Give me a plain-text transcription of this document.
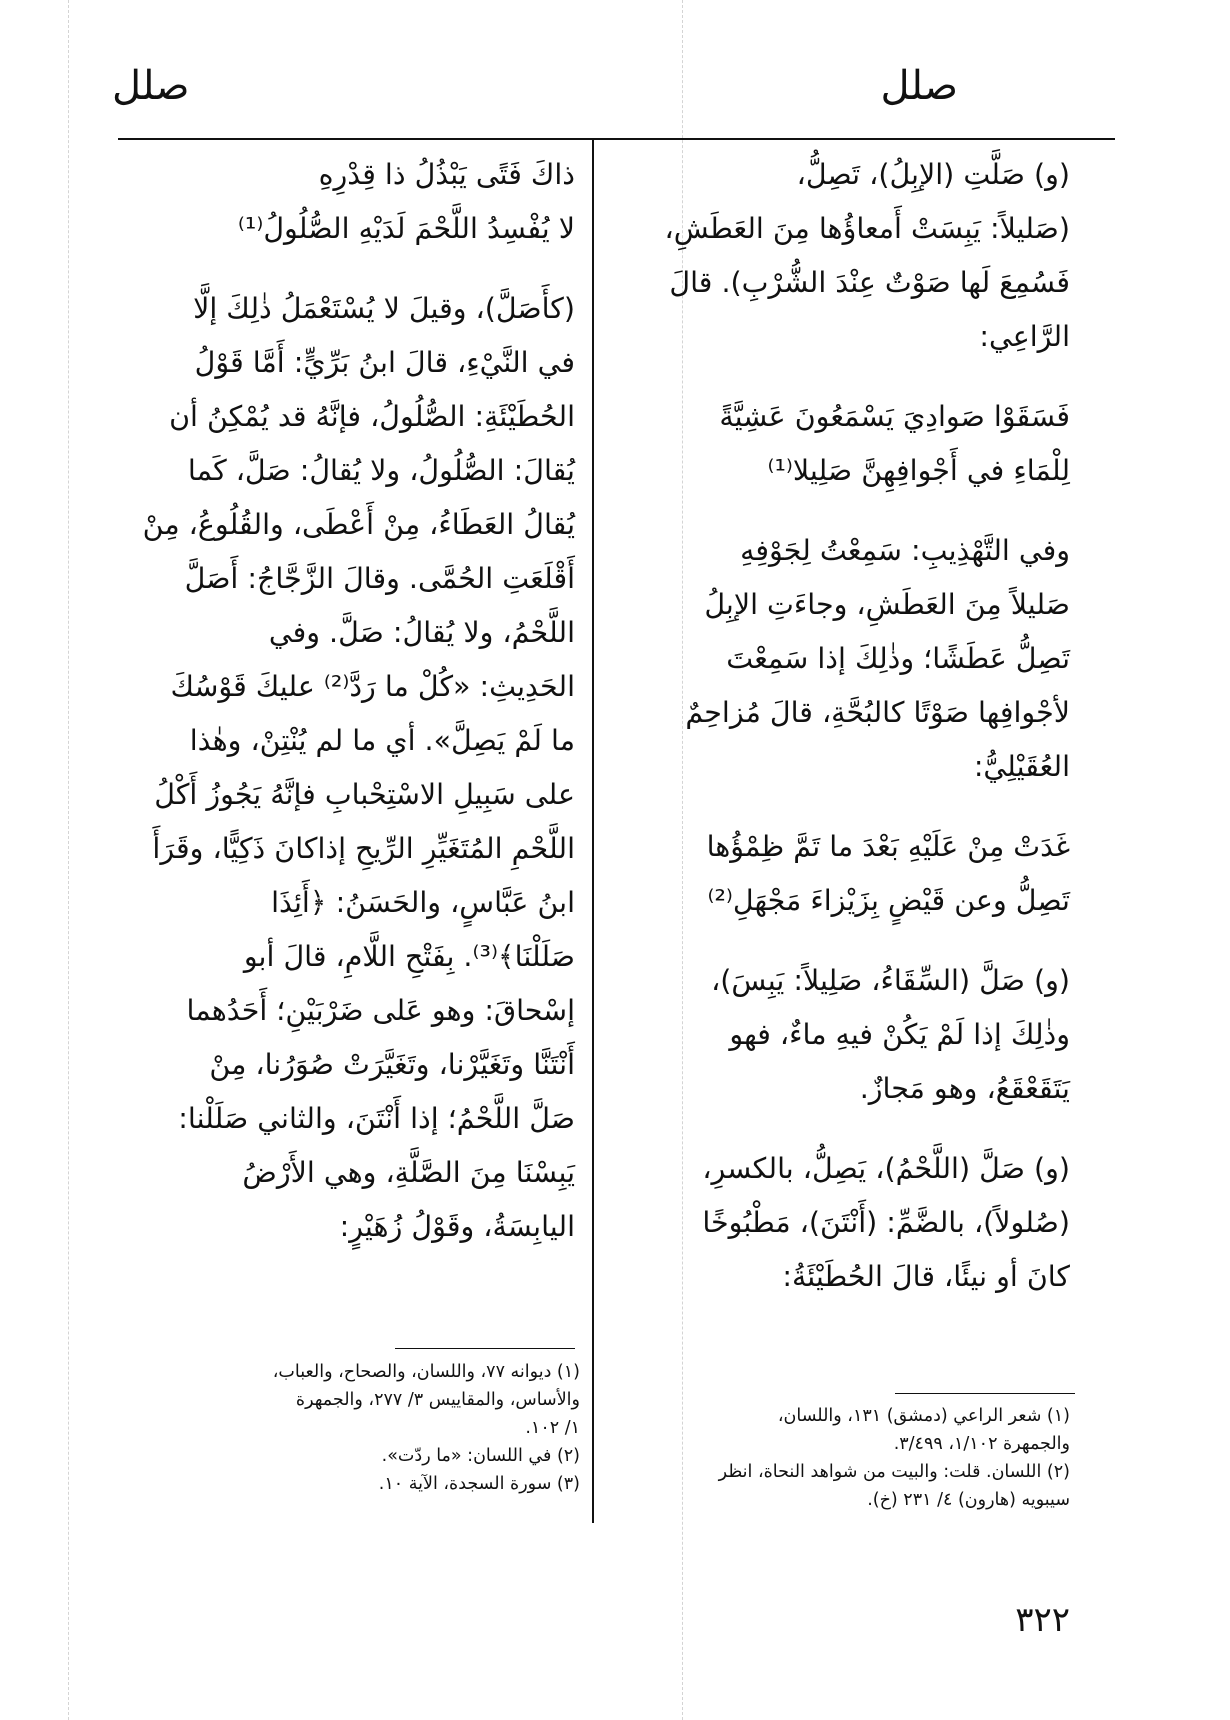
صلل	صلل

(و) صَلَّتِ (الإبِلُ)، تَصِلُّ،

(صَليلاً: يَبِسَتْ أَمعاؤُها مِنَ العَطَشِ،

فَسُمِعَ لَها صَوْتٌ عِنْدَ الشُّرْبِ). قالَ

الرَّاعِي:

فَسَقَوْا صَوادِيَ يَسْمَعُونَ عَشِيَّةً

لِلْمَاءِ في أَجْوافِهِنَّ صَلِيلا⁽¹⁾

وفي التَّهْذِيبِ: سَمِعْتُ لِجَوْفِهِ

صَليلاً مِنَ العَطَشِ، وجاءَتِ الإبِلُ

تَصِلُّ عَطَشًا؛ وذٰلِكَ إذا سَمِعْتَ

لأجْوافِها صَوْتًا كالبُحَّةِ، قالَ مُزاحِمٌ

العُقَيْلِيُّ:

غَدَتْ مِنْ عَلَيْهِ بَعْدَ ما تَمَّ ظِمْؤُها

تَصِلُّ وعن قَيْضٍ بِزَيْزاءَ مَجْهَلِ⁽²⁾

(و) صَلَّ (السِّقَاءُ، صَلِيلاً: يَبِسَ)،

وذٰلِكَ إذا لَمْ يَكُنْ فيهِ ماءٌ، فهو

يَتَقَعْقَعُ، وهو مَجازٌ.

(و) صَلَّ (اللَّحْمُ)، يَصِلُّ، بالكسرِ،

(صُلولاً)، بالضَّمِّ: (أَنْتَنَ)، مَطْبُوخًا

كانَ أو نيئًا، قالَ الحُطَيْئَةُ:

ذاكَ فَتًى يَبْذُلُ ذا قِدْرِهِ

لا يُفْسِدُ اللَّحْمَ لَدَيْهِ الصُّلُولُ⁽¹⁾

(كأَصَلَّ)، وقيلَ لا يُسْتَعْمَلُ ذٰلِكَ إلَّا

في النَّيْءِ، قالَ ابنُ بَرِّيٍّ: أَمَّا قَوْلُ

الحُطَيْئَةِ: الصُّلُولُ، فإنَّهُ قد يُمْكِنُ أن

يُقالَ: الصُّلُولُ، ولا يُقالُ: صَلَّ، كَما

يُقالُ العَطَاءُ، مِنْ أَعْطَى، والقُلُوعُ، مِنْ

أَقْلَعَتِ الحُمَّى. وقالَ الزَّجَّاجُ: أَصَلَّ

اللَّحْمُ، ولا يُقالُ: صَلَّ. وفي

الحَدِيثِ: «كُلْ ما رَدَّ⁽²⁾ عليكَ قَوْسُكَ

ما لَمْ يَصِلَّ». أي ما لم يُنْتِنْ، وهٰذا

على سَبِيلِ الاسْتِحْبابِ فإنَّهُ يَجُوزُ أَكْلُ

اللَّحْمِ المُتَغَيِّرِ الرِّيحِ إذاكانَ ذَكِيًّا، وقَرَأَ

ابنُ عَبَّاسٍ، والحَسَنُ: ﴿أَئِذَا

صَلَلْنَا﴾⁽³⁾. بِفَتْحِ اللَّامِ، قالَ أبو

إسْحاقَ: وهو عَلى ضَرْبَيْنِ؛ أَحَدُهما

أَنْتَنَّا وتَغَيَّرْنا، وتَغَيَّرَتْ صُوَرُنا، مِنْ

صَلَّ اللَّحْمُ؛ إذا أَنْتَنَ، والثاني صَلَلْنا:

يَبِسْنَا مِنَ الصَّلَّةِ، وهي الأَرْضُ

اليابِسَةُ، وقَوْلُ زُهَيْرٍ:

(١) شعر الراعي (دمشق) ١٣١، واللسان،

والجمهرة ١/١٠٢، ٣/٤٩٩.

(٢) اللسان. قلت: والبيت من شواهد النحاة، انظر

سيبويه (هارون) ٤/ ٢٣١ (خ).

(١) ديوانه ٧٧، واللسان، والصحاح، والعباب،

والأساس، والمقاييس ٣/ ٢٧٧، والجمهرة

١/ ١٠٢.

(٢) في اللسان: «ما ردّت».

(٣) سورة السجدة، الآية ١٠.

٣٢٢
